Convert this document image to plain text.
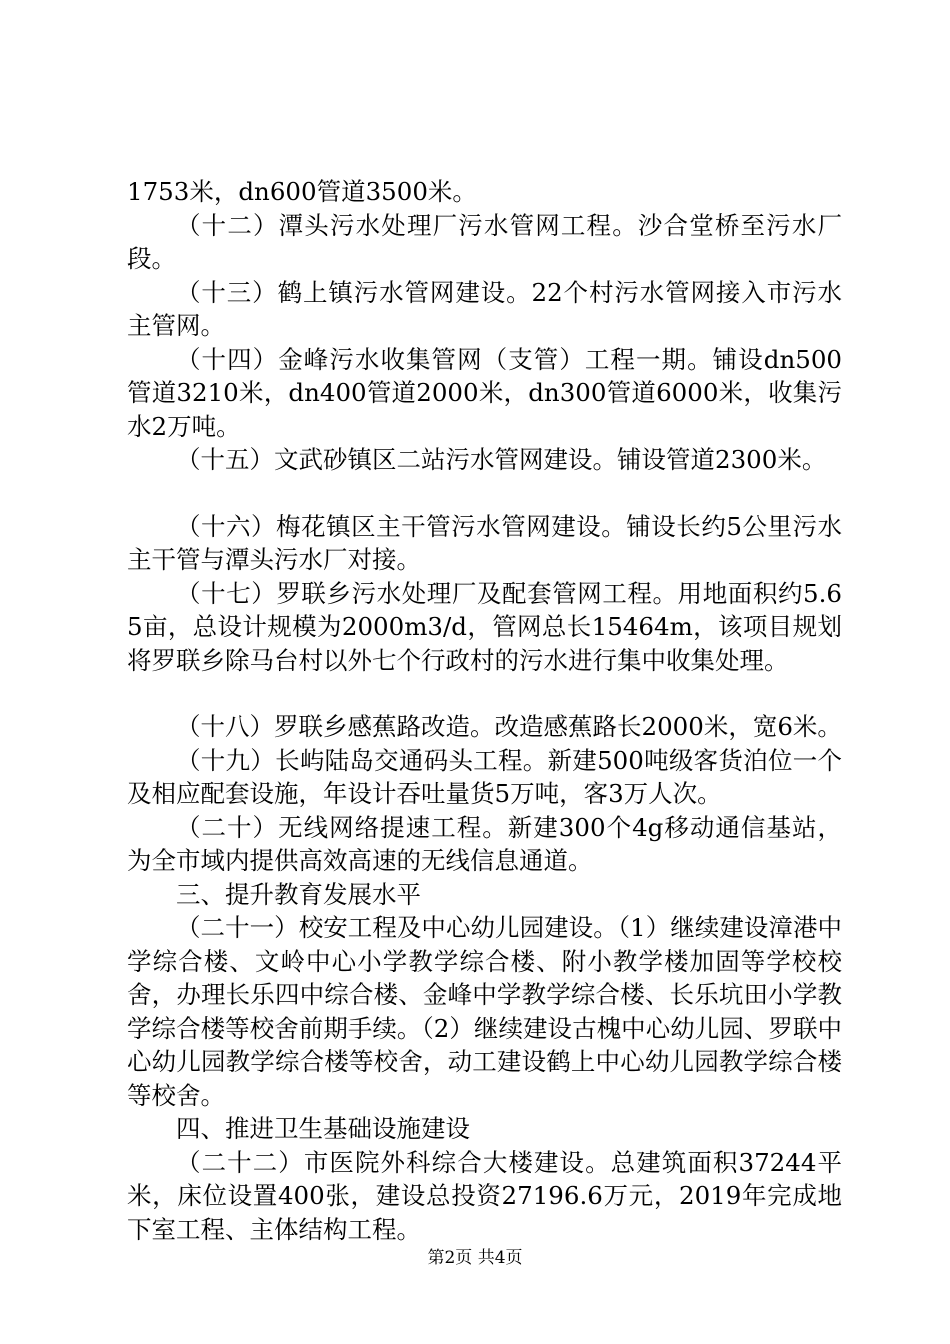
1753米，dn600管道3500米。

（十二）潭头污水处理厂污水管网工程。沙合堂桥至污水厂段。

（十三）鹤上镇污水管网建设。22个村污水管网接入市污水主管网。

（十四）金峰污水收集管网（支管）工程一期。铺设dn500管道3210米，dn400管道2000米，dn300管道6000米，收集污水2万吨。

（十五）文武砂镇区二站污水管网建设。铺设管道2300米。

（十六）梅花镇区主干管污水管网建设。铺设长约5公里污水主干管与潭头污水厂对接。

（十七）罗联乡污水处理厂及配套管网工程。用地面积约5.65亩，总设计规模为2000m3/d，管网总长15464m，该项目规划将罗联乡除马台村以外七个行政村的污水进行集中收集处理。

（十八）罗联乡感蕉路改造。改造感蕉路长2000米，宽6米。

（十九）长屿陆岛交通码头工程。新建500吨级客货泊位一个及相应配套设施，年设计吞吐量货5万吨，客3万人次。

（二十）无线网络提速工程。新建300个4g移动通信基站，为全市域内提供高效高速的无线信息通道。

三、提升教育发展水平

（二十一）校安工程及中心幼儿园建设。（1）继续建设漳港中学综合楼、文岭中心小学教学综合楼、附小教学楼加固等学校校舍，办理长乐四中综合楼、金峰中学教学综合楼、长乐坑田小学教学综合楼等校舍前期手续。（2）继续建设古槐中心幼儿园、罗联中心幼儿园教学综合楼等校舍，动工建设鹤上中心幼儿园教学综合楼等校舍。

四、推进卫生基础设施建设

（二十二）市医院外科综合大楼建设。总建筑面积37244平米，床位设置400张，建设总投资27196.6万元，2019年完成地下室工程、主体结构工程。

第2页 共4页
